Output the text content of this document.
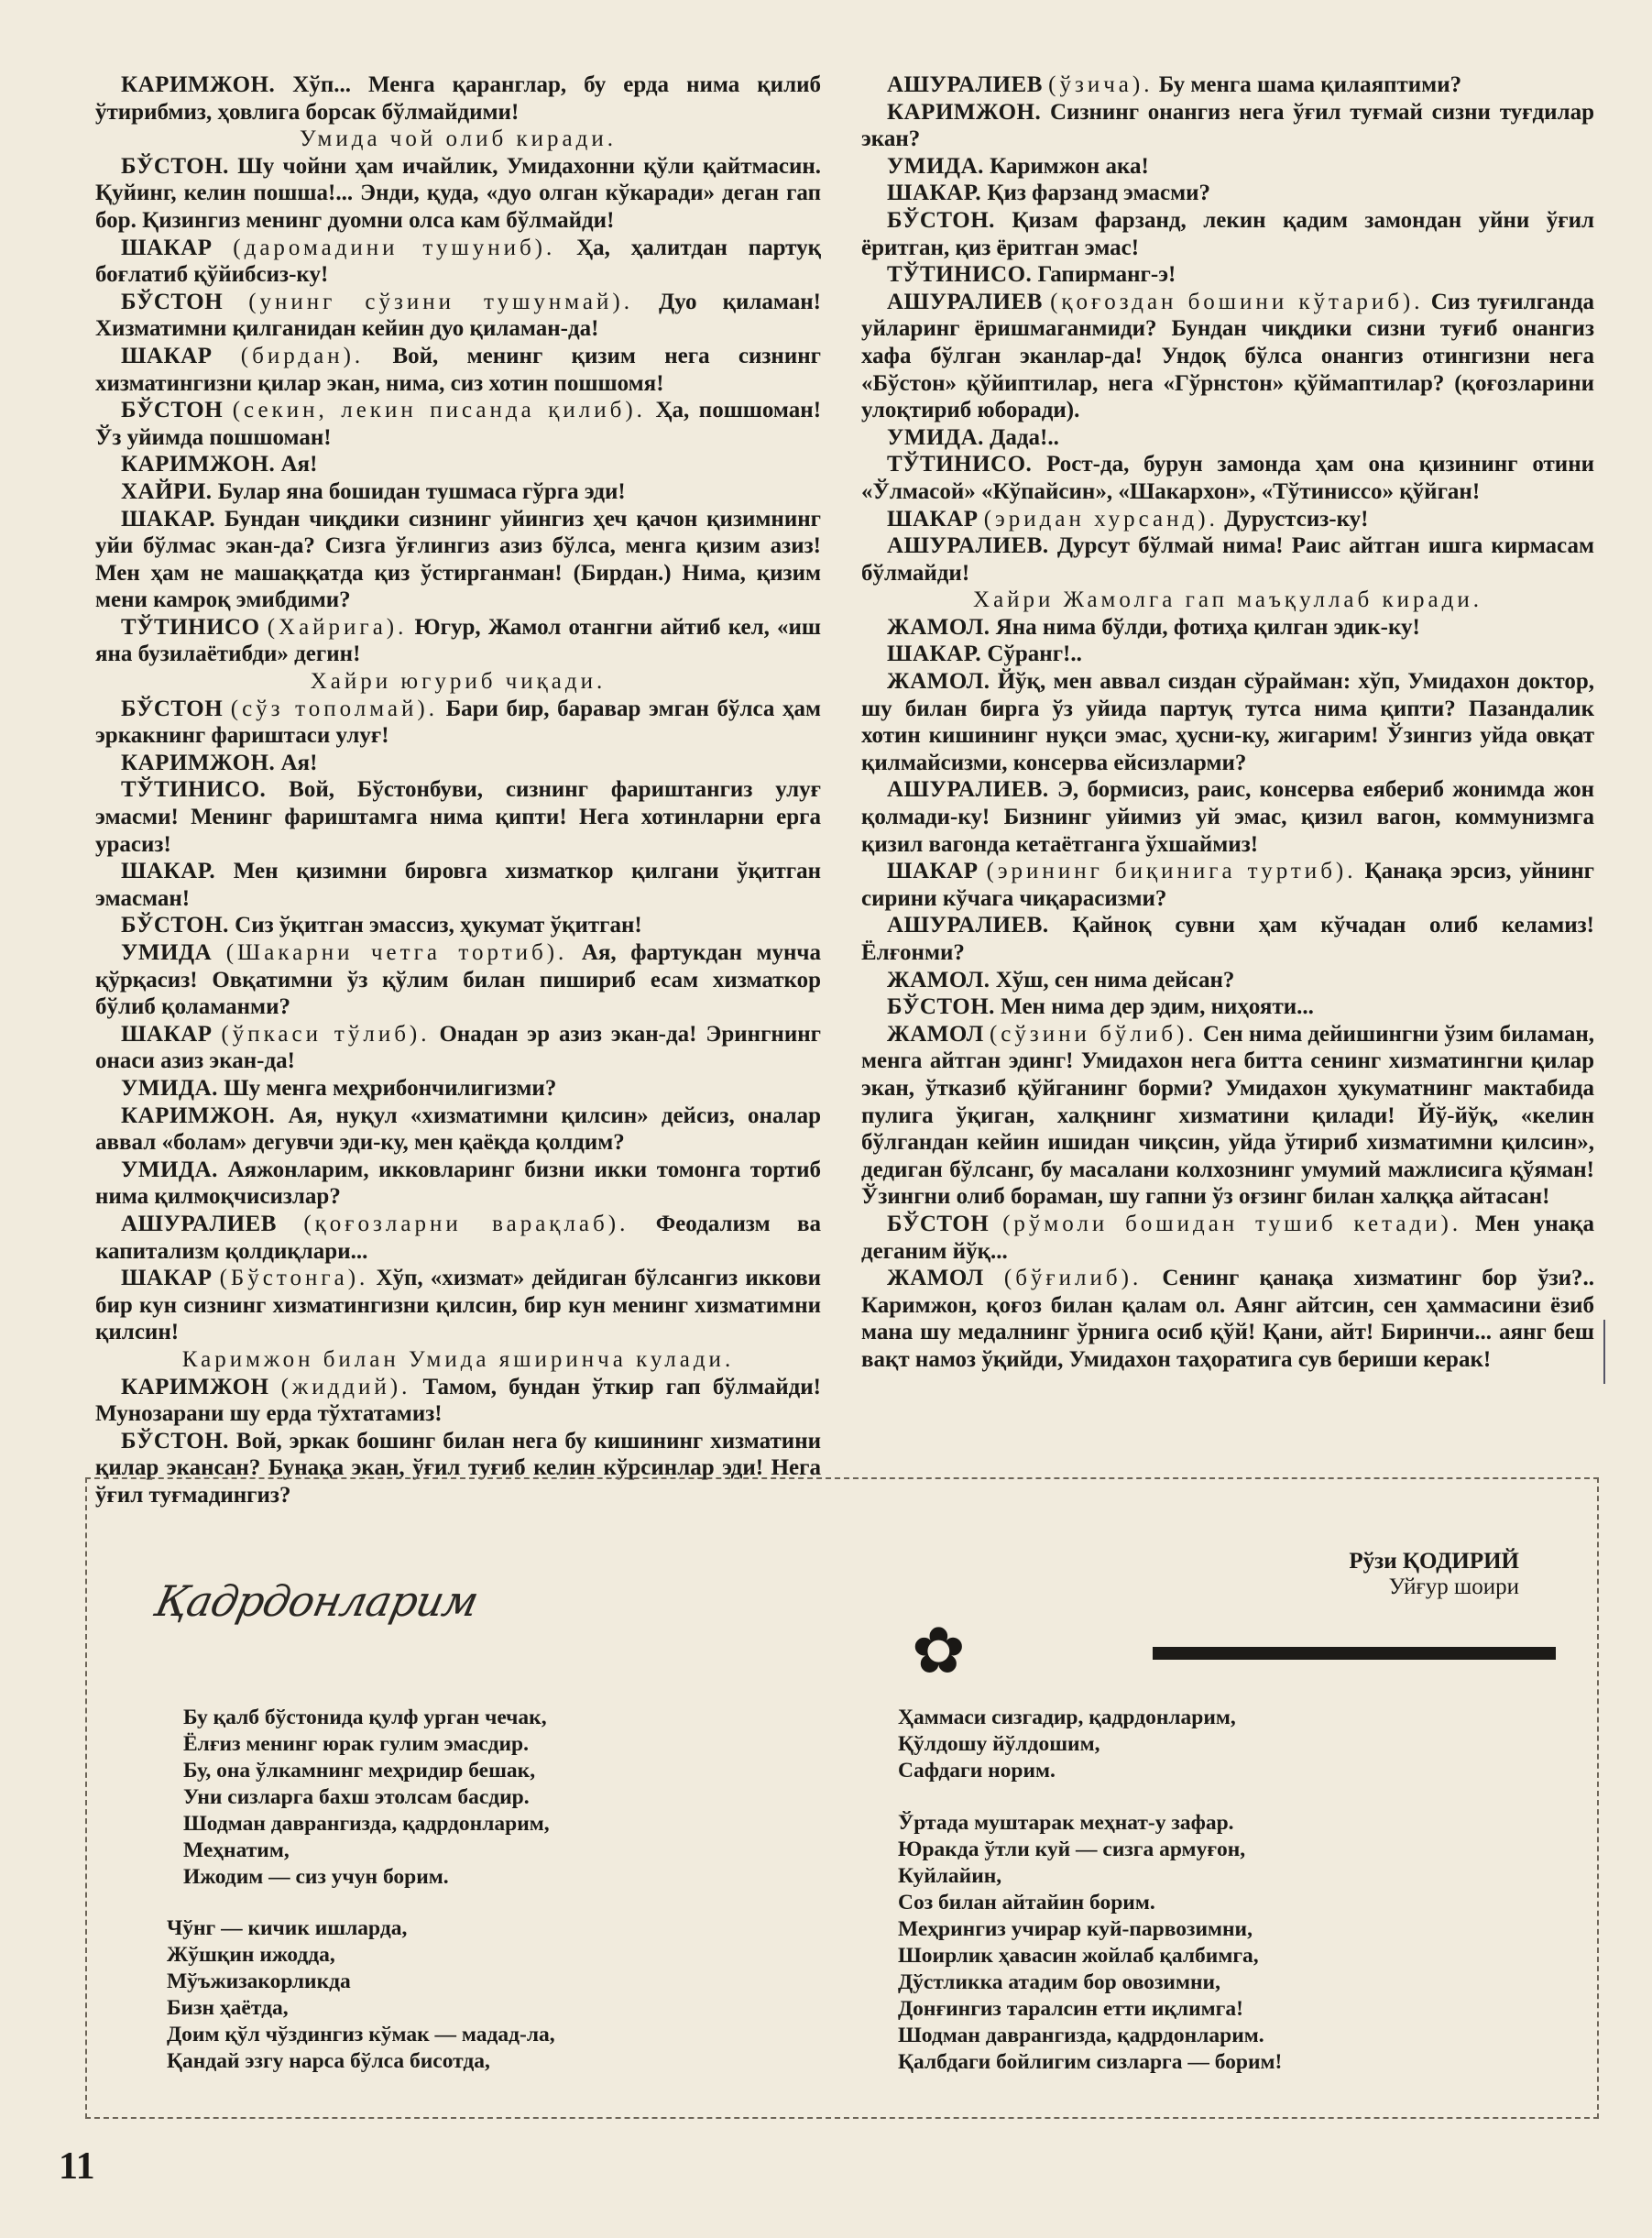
КАРИМЖОН. Хўп... Менга қаранглар, бу ерда нима қилиб ўтирибмиз, ҳовлига борсак бўлмайдими!

Умида чой олиб киради.

БЎСТОН. Шу чойни ҳам ичайлик, Умидахонни қўли қайтмасин. Қуйинг, келин пошша!... Энди, қуда, «дуо олган кўкаради» деган гап бор. Қизингиз менинг дуомни олса кам бўлмайди!

ШАКАР (даромадини тушуниб). Ҳа, ҳалитдан партуқ боғлатиб қўйибсиз-ку!

БЎСТОН (унинг сўзини тушунмай). Дуо қиламан! Хизматимни қилганидан кейин дуо қиламан-да!

ШАКАР (бирдан). Вой, менинг қизим нега сизнинг хизматингизни қилар экан, нима, сиз хотин пошшомя!

БЎСТОН (секин, лекин писанда қилиб). Ҳа, пошшоман! Ўз уйимда пошшоман!

КАРИМЖОН. Ая!

ХАЙРИ. Булар яна бошидан тушмаса гўрга эди!

ШАКАР. Бундан чиқдики сизнинг уйингиз ҳеч қачон қизимнинг уйи бўлмас экан-да? Сизга ўғлингиз азиз бўлса, менга қизим азиз! Мен ҳам не машаққатда қиз ўстирганман! (Бирдан.) Нима, қизим мени камроқ эмибдими?

ТЎТИНИСО (Хайрига). Югур, Жамол отангни айтиб кел, «иш яна бузилаётибди» дегин!

Хайри югуриб чиқади.

БЎСТОН (сўз тополмай). Бари бир, баравар эмган бўлса ҳам эркакнинг фариштаси улуғ!

КАРИМЖОН. Ая!

ТЎТИНИСО. Вой, Бўстонбуви, сизнинг фариштангиз улуғ эмасми! Менинг фариштамга нима қипти! Нега хотинларни ерга урасиз!

ШАКАР. Мен қизимни бировга хизматкор қилгани ўқитган эмасман!

БЎСТОН. Сиз ўқитган эмассиз, ҳукумат ўқитган!

УМИДА (Шакарни четга тортиб). Ая, фартукдан мунча қўрқасиз! Овқатимни ўз қўлим билан пишириб есам хизматкор бўлиб қоламанми?

ШАКАР (ўпкаси тўлиб). Онадан эр азиз экан-да! Эрингнинг онаси азиз экан-да!

УМИДА. Шу менга меҳрибончилигизми?

КАРИМЖОН. Ая, нуқул «хизматимни қилсин» дейсиз, оналар аввал «болам» дегувчи эди-ку, мен қаёқда қолдим?

УМИДА. Аяжонларим, икковларинг бизни икки томонга тортиб нима қилмоқчисизлар?

АШУРАЛИЕВ (қоғозларни варақлаб). Феодализм ва капитализм қолдиқлари...

ШАКАР (Бўстонга). Хўп, «хизмат» дейдиган бўлсангиз иккови бир кун сизнинг хизматингизни қилсин, бир кун менинг хизматимни қилсин!

Каримжон билан Умида яширинча кулади.

КАРИМЖОН (жиддий). Тамом, бундан ўткир гап бўлмайди! Мунозарани шу ерда тўхтатамиз!

БЎСТОН. Вой, эркак бошинг билан нега бу кишининг хизматини қилар экансан? Бунақа экан, ўғил туғиб келин кўрсинлар эди! Нега ўғил туғмадингиз?

АШУРАЛИЕВ (ўзича). Бу менга шама қилаяптими?

КАРИМЖОН. Сизнинг онангиз нега ўғил туғмай сизни туғдилар экан?

УМИДА. Каримжон ака!

ШАКАР. Қиз фарзанд эмасми?

БЎСТОН. Қизам фарзанд, лекин қадим замондан уйни ўғил ёритган, қиз ёритган эмас!

ТЎТИНИСО. Гапирманг-э!

АШУРАЛИЕВ (қоғоздан бошини кўтариб). Сиз туғилганда уйларинг ёришмаганмиди? Бундан чиқдики сизни туғиб онангиз хафа бўлган эканлар-да! Ундоқ бўлса онангиз отингизни нега «Бўстон» қўйиптилар, нега «Гўрнстон» қўймаптилар? (қоғозларини улоқтириб юборади).

УМИДА. Дада!..

ТЎТИНИСО. Рост-да, бурун замонда ҳам она қизининг отини «Ўлмасой» «Кўпайсин», «Шакархон», «Тўтиниссо» қўйган!

ШАКАР (эридан хурсанд). Дурустсиз-ку!

АШУРАЛИЕВ. Дурсут бўлмай нима! Раис айтган ишга кирмасам бўлмайди!

Хайри Жамолга гап маъқуллаб киради.

ЖАМОЛ. Яна нима бўлди, фотиҳа қилган эдик-ку!

ШАКАР. Сўранг!..

ЖАМОЛ. Йўқ, мен аввал сиздан сўрайман: хўп, Умидахон доктор, шу билан бирга ўз уйида партуқ тутса нима қипти? Пазандалик хотин кишининг нуқси эмас, ҳусни-ку, жигарим! Ўзингиз уйда овқат қилмайсизми, консерва ейсизларми?

АШУРАЛИЕВ. Э, бормисиз, раис, консерва еябериб жонимда жон қолмади-ку! Бизнинг уйимиз уй эмас, қизил вагон, коммунизмга қизил вагонда кетаётганга ўхшаймиз!

ШАКАР (эрининг биқинига туртиб). Қанақа эрсиз, уйнинг сирини кўчага чиқарасизми?

АШУРАЛИЕВ. Қайноқ сувни ҳам кўчадан олиб келамиз! Ёлғонми?

ЖАМОЛ. Хўш, сен нима дейсан?

БЎСТОН. Мен нима дер эдим, ниҳояти...

ЖАМОЛ (сўзини бўлиб). Сен нима дейишингни ўзим биламан, менга айтган эдинг! Умидахон нега битта сенинг хизматингни қилар экан, ўтказиб қўйганинг борми? Умидахон ҳукуматнинг мактабида пулига ўқиган, халқнинг хизматини қилади! Йў-йўқ, «келин бўлгандан кейин ишидан чиқсин, уйда ўтириб хизматимни қилсин», дедиган бўлсанг, бу масалани колхознинг умумий мажлисига қўяман! Ўзингни олиб бораман, шу гапни ўз оғзинг билан халққа айтасан!

БЎСТОН (рўмоли бошидан тушиб кетади). Мен унақа деганим йўқ...

ЖАМОЛ (бўғилиб). Сенинг қанақа хизматинг бор ўзи?.. Каримжон, қоғоз билан қалам ол. Аянг айтсин, сен ҳаммасини ёзиб мана шу медалнинг ўрнига осиб қўй! Қани, айт! Биринчи... аянг беш вақт намоз ўқийди, Умидахон таҳоратига сув бериши керак!

Қадрдонларим
Рўзи ҚОДИРИЙ
Уйғур шоири
✿
Бу қалб бўстонида қулф урган чечак,
Ёлғиз менинг юрак гулим эмасдир.
Бу, она ўлкамнинг меҳридир бешак,
Уни сизларга бахш этолсам басдир.
Шодман даврангизда, қадрдонларим,
Меҳнатим,
Ижодим — сиз учун борим.
Чўнг — кичик ишларда,
Жўшқин ижодда,
Мўъжизакорликда
Бизн ҳаётда,
Доим қўл чўздингиз кўмак — мадад-ла,
Қандай эзгу нарса бўлса бисотда,
Ҳаммаси сизгадир, қадрдонларим,
Қўлдошу йўлдошим,
Сафдаги норим.
Ўртада муштарак меҳнат-у зафар.
Юракда ўтли куй — сизга армуғон,
Куйлайин,
Соз билан айтайин борим.
Меҳрингиз учирар куй-парвозимни,
Шоирлик ҳавасин жойлаб қалбимга,
Дўстликка атадим бор овозимни,
Донғингиз таралсин етти иқлимга!
Шодман даврангизда, қадрдонларим.
Қалбдаги бойлигим сизларга — борим!
11
